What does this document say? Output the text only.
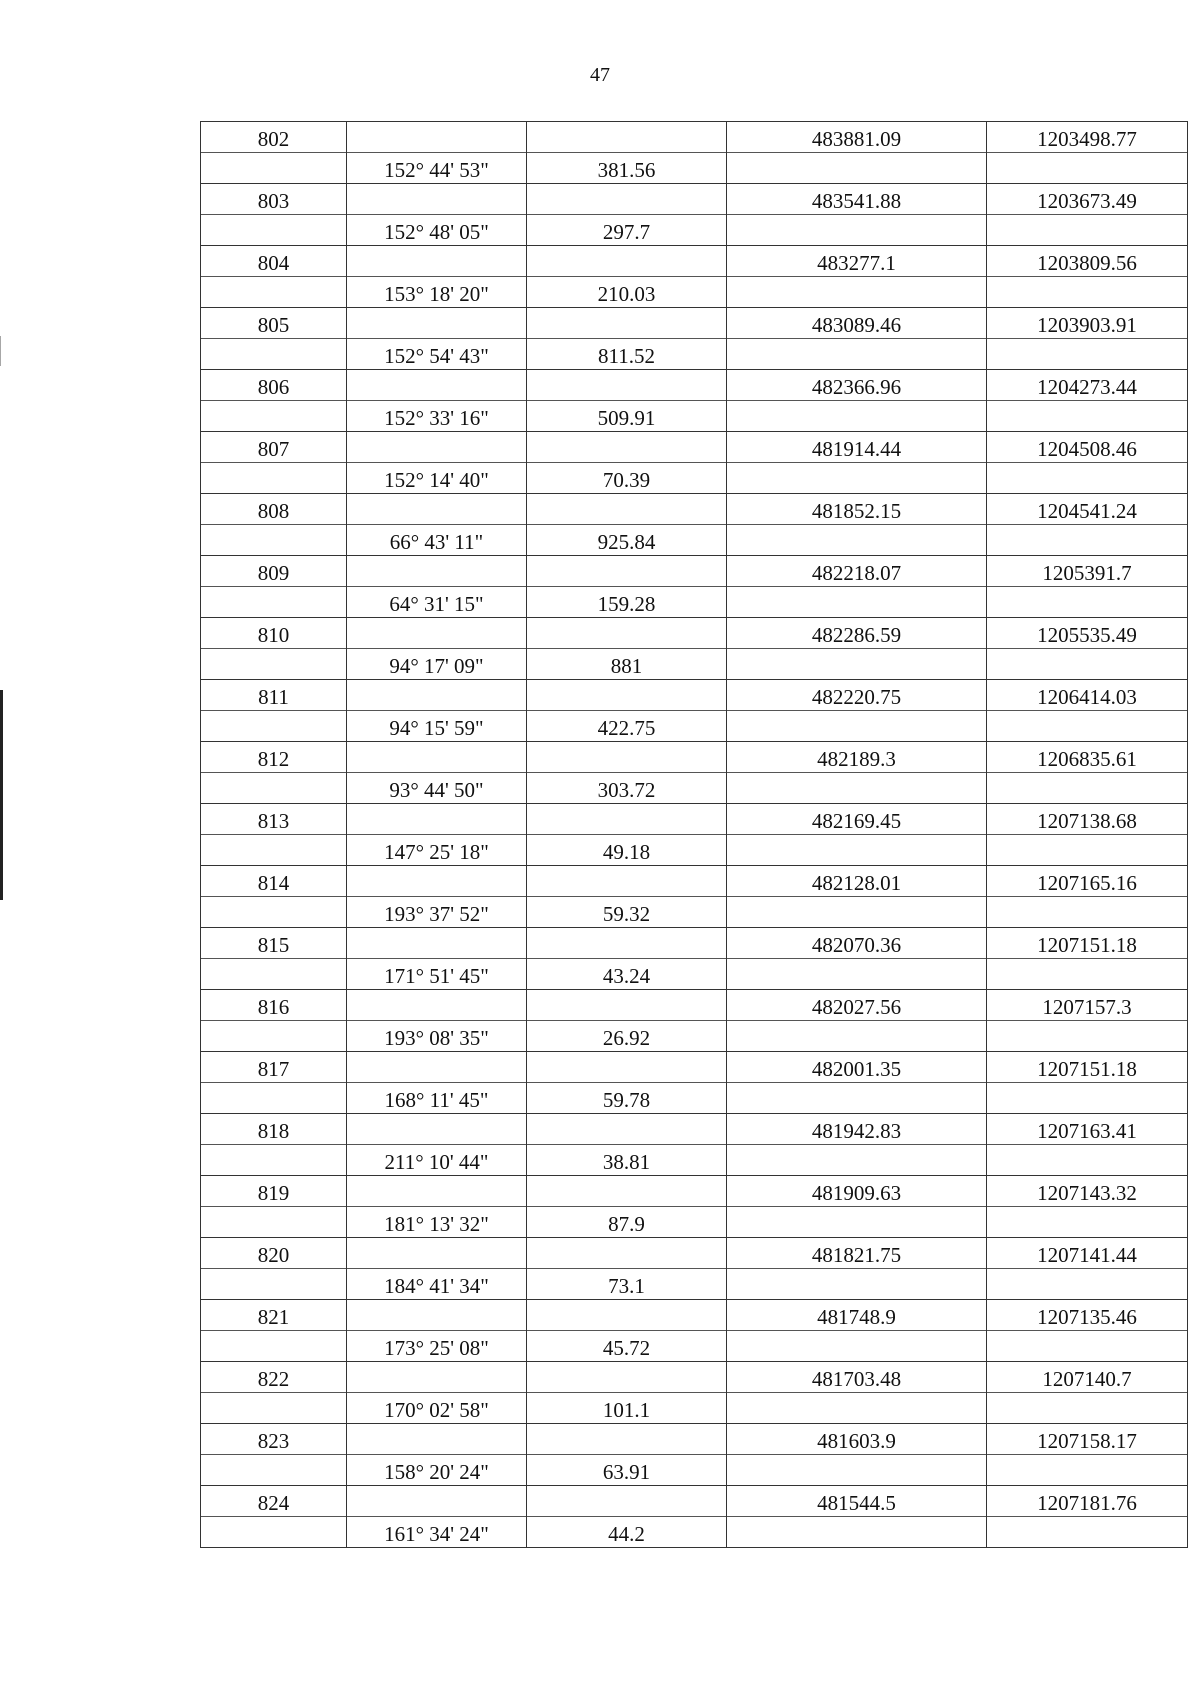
47
802			483881.09	1203498.77
	152° 44' 53"	381.56		
803			483541.88	1203673.49
	152° 48' 05"	297.7		
804			483277.1	1203809.56
	153° 18' 20"	210.03		
805			483089.46	1203903.91
	152° 54' 43"	811.52		
806			482366.96	1204273.44
	152° 33' 16"	509.91		
807			481914.44	1204508.46
	152° 14' 40"	70.39		
808			481852.15	1204541.24
	66° 43' 11"	925.84		
809			482218.07	1205391.7
	64° 31' 15"	159.28		
810			482286.59	1205535.49
	94° 17' 09"	881		
811			482220.75	1206414.03
	94° 15' 59"	422.75		
812			482189.3	1206835.61
	93° 44' 50"	303.72		
813			482169.45	1207138.68
	147° 25' 18"	49.18		
814			482128.01	1207165.16
	193° 37' 52"	59.32		
815			482070.36	1207151.18
	171° 51' 45"	43.24		
816			482027.56	1207157.3
	193° 08' 35"	26.92		
817			482001.35	1207151.18
	168° 11' 45"	59.78		
818			481942.83	1207163.41
	211° 10' 44"	38.81		
819			481909.63	1207143.32
	181° 13' 32"	87.9		
820			481821.75	1207141.44
	184° 41' 34"	73.1		
821			481748.9	1207135.46
	173° 25' 08"	45.72		
822			481703.48	1207140.7
	170° 02' 58"	101.1		
823			481603.9	1207158.17
	158° 20' 24"	63.91		
824			481544.5	1207181.76
	161° 34' 24"	44.2		
